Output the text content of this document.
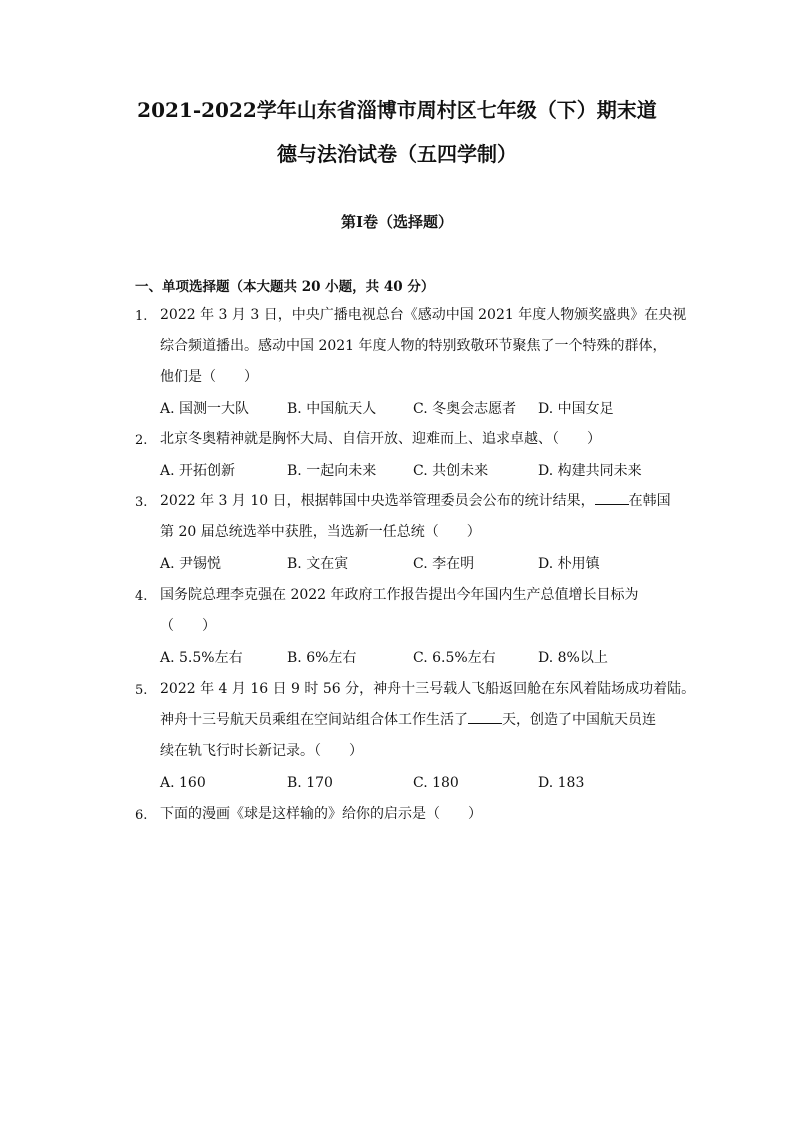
2021-2022学年山东省淄博市周村区七年级（下）期末道
德与法治试卷（五四学制）
第Ⅰ卷（选择题）
一、单项选择题（本大题共 20 小题，共 40 分）
1. 2022 年 3 月 3 日，中央广播电视总台《感动中国 2021 年度人物颁奖盛典》在央视
综合频道播出。感动中国 2021 年度人物的特别致敬环节聚焦了一个特殊的群体，
他们是（　　）
A. 国测一大队	B. 中国航天人	C. 冬奥会志愿者 D. 中国女足
2. 北京冬奥精神就是胸怀大局、自信开放、迎难而上、追求卓越、（　　）
A. 开拓创新	B. 一起向未来	C. 共创未来	D. 构建共同未来
3. 2022 年 3 月 10 日，根据韩国中央选举管理委员会公布的统计结果， 在韩国
第 20 届总统选举中获胜，当选新一任总统（　　）
A. 尹锡悦	B. 文在寅	C. 李在明	D. 朴用镇
4. 国务院总理李克强在 2022 年政府工作报告提出今年国内生产总值增长目标为
（　　）
A. 5.5%左右	B. 6%左右	C. 6.5%左右	D. 8%以上
5. 2022 年 4 月 16 日 9 时 56 分，神舟十三号载人飞船返回舱在东风着陆场成功着陆。
神舟十三号航天员乘组在空间站组合体工作生活了 天，创造了中国航天员连
续在轨飞行时长新记录。（　　）
A. 160	B. 170	C. 180	D. 183
6. 下面的漫画《球是这样输的》给你的启示是（　　）
